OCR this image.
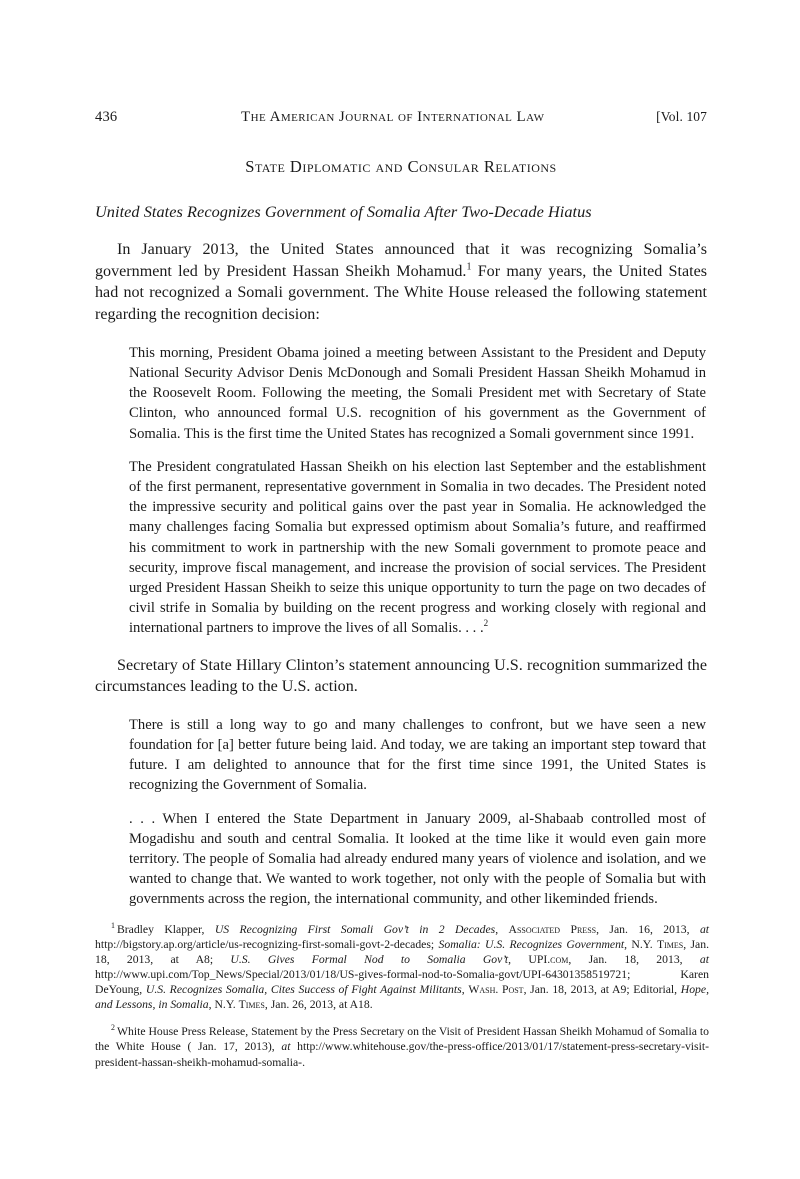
436	The American Journal of International Law	[Vol. 107
State Diplomatic and Consular Relations
United States Recognizes Government of Somalia After Two-Decade Hiatus

In January 2013, the United States announced that it was recognizing Somalia’s government led by President Hassan Sheikh Mohamud.$^1$ For many years, the United States had not recognized a Somali government. The White House released the following statement regarding the recognition decision:

This morning, President Obama joined a meeting between Assistant to the President and Deputy National Security Advisor Denis McDonough and Somali President Hassan Sheikh Mohamud in the Roosevelt Room. Following the meeting, the Somali President met with Secretary of State Clinton, who announced formal U.S. recognition of his government as the Government of Somalia. This is the first time the United States has recognized a Somali government since 1991.

The President congratulated Hassan Sheikh on his election last September and the establishment of the first permanent, representative government in Somalia in two decades. The President noted the impressive security and political gains over the past year in Somalia. He acknowledged the many challenges facing Somalia but expressed optimism about Somalia’s future, and reaffirmed his commitment to work in partnership with the new Somali government to promote peace and security, improve fiscal management, and increase the provision of social services. The President urged President Hassan Sheikh to seize this unique opportunity to turn the page on two decades of civil strife in Somalia by building on the recent progress and working closely with regional and international partners to improve the lives of all Somalis. . . .$^2$

Secretary of State Hillary Clinton’s statement announcing U.S. recognition summarized the circumstances leading to the U.S. action.

There is still a long way to go and many challenges to confront, but we have seen a new foundation for [a] better future being laid. And today, we are taking an important step toward that future. I am delighted to announce that for the first time since 1991, the United States is recognizing the Government of Somalia.

. . . When I entered the State Department in January 2009, al-Shabaab controlled most of Mogadishu and south and central Somalia. It looked at the time like it would even gain more territory. The people of Somalia had already endured many years of violence and isolation, and we wanted to change that. We wanted to work together, not only with the people of Somalia but with governments across the region, the international community, and other likeminded friends.

$^1$ Bradley Klapper, US Recognizing First Somali Gov’t in 2 Decades, Associated Press, Jan. 16, 2013, at http://bigstory.ap.org/article/us-recognizing-first-somali-govt-2-decades; Somalia: U.S. Recognizes Government, N.Y. Times, Jan. 18, 2013, at A8; U.S. Gives Formal Nod to Somalia Gov’t, UPI.com, Jan. 18, 2013, at http://www.upi.com/Top_News/Special/2013/01/18/US-gives-formal-nod-to-Somalia-govt/UPI-64301358519721; Karen DeYoung, U.S. Recognizes Somalia, Cites Success of Fight Against Militants, Wash. Post, Jan. 18, 2013, at A9; Editorial, Hope, and Lessons, in Somalia, N.Y. Times, Jan. 26, 2013, at A18.

$^2$ White House Press Release, Statement by the Press Secretary on the Visit of President Hassan Sheikh Mohamud of Somalia to the White House ( Jan. 17, 2013), at http://www.whitehouse.gov/the-press-office/2013/01/17/statement-press-secretary-visit-president-hassan-sheikh-mohamud-somalia-.
